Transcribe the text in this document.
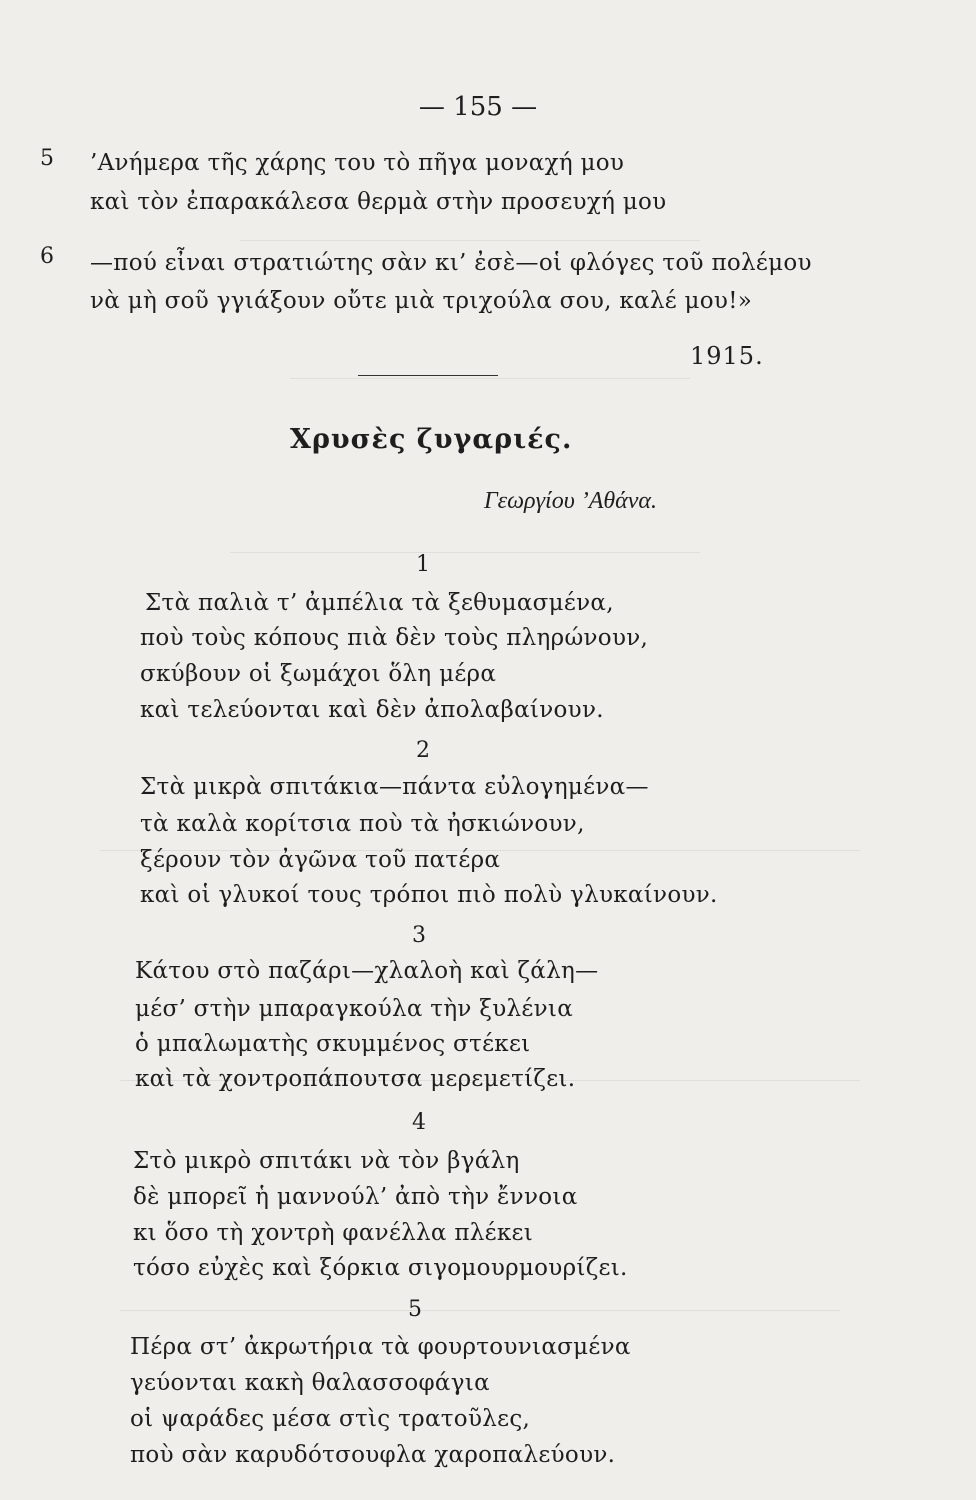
— 155 —
5 ’Ανήμερα τῆς χάρης του τὸ πῆγα μοναχή μου
καὶ τὸν ἐπαρακάλεσα θερμὰ στὴν προσευχή μου
6 —πού εἶναι στρατιώτης σὰν κι’ ἐσὲ—οἱ φλόγες τοῦ πολέμου
νὰ μὴ σοῦ γγιάξουν οὔτε μιὰ τριχούλα σου, καλέ μου!»
1915.
Χρυσὲς ζυγαριές.
Γεωργίου ’Αθάνα.
1
Στὰ παλιὰ τ’ ἀμπέλια τὰ ξεθυμασμένα,
ποὺ τοὺς κόπους πιὰ δὲν τοὺς πληρώνουν,
σκύβουν οἱ ξωμάχοι ὅλη μέρα
καὶ τελεύονται καὶ δὲν ἀπολαβαίνουν.
2
Στὰ μικρὰ σπιτάκια—πάντα εὐλογημένα—
τὰ καλὰ κορίτσια ποὺ τὰ ἠσκιώνουν,
ξέρουν τὸν ἀγῶνα τοῦ πατέρα
καὶ οἱ γλυκοί τους τρόποι πιὸ πολὺ γλυκαίνουν.
3
Κάτου στὸ παζάρι—χλαλοὴ καὶ ζάλη—
μέσ’ στὴν μπαραγκούλα τὴν ξυλένια
ὁ μπαλωματὴς σκυμμένος στέκει
καὶ τὰ χοντροπάπουτσα μερεμετίζει.
4
Στὸ μικρὸ σπιτάκι νὰ τὸν βγάλη
δὲ μπορεῖ ἡ μαννούλ’ ἀπὸ τὴν ἔννοια
κι ὅσο τὴ χοντρὴ φανέλλα πλέκει
τόσο εὐχὲς καὶ ξόρκια σιγομουρμουρίζει.
5
Πέρα στ’ ἀκρωτήρια τὰ φουρτουνιασμένα
γεύονται κακὴ θαλασσοφάγια
οἱ ψαράδες μέσα στὶς τρατοῦλες,
ποὺ σὰν καρυδότσουφλα χαροπαλεύουν.
